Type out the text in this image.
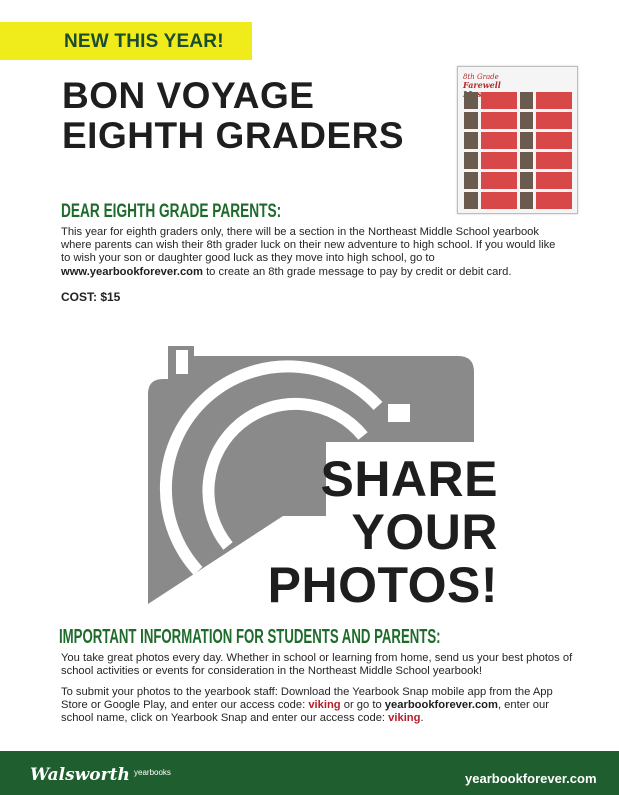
NEW THIS YEAR!
BON VOYAGE
EIGHTH GRADERS
8th Grade
Farewell
DEAR EIGHTH GRADE PARENTS:

This year for eighth graders only, there will be a section in the Northeast Middle School yearbook where parents can wish their 8th grader luck on their new adventure to high school. If you would like to wish your son or daughter good luck as they move into high school, go to www.yearbookforever.com to create an 8th grade message to pay by credit or debit card.

COST: $15

SHARE
YOUR
PHOTOS!
IMPORTANT INFORMATION FOR STUDENTS AND PARENTS:

You take great photos every day. Whether in school or learning from home, send us your best photos of school activities or events for consideration in the Northeast Middle School yearbook!

To submit your photos to the yearbook staff: Download the Yearbook Snap mobile app from the App Store or Google Play, and enter our access code: viking or go to yearbookforever.com, enter our school name, click on Yearbook Snap and enter our access code: viking.

Walsworth yearbooks	yearbookforever.com
